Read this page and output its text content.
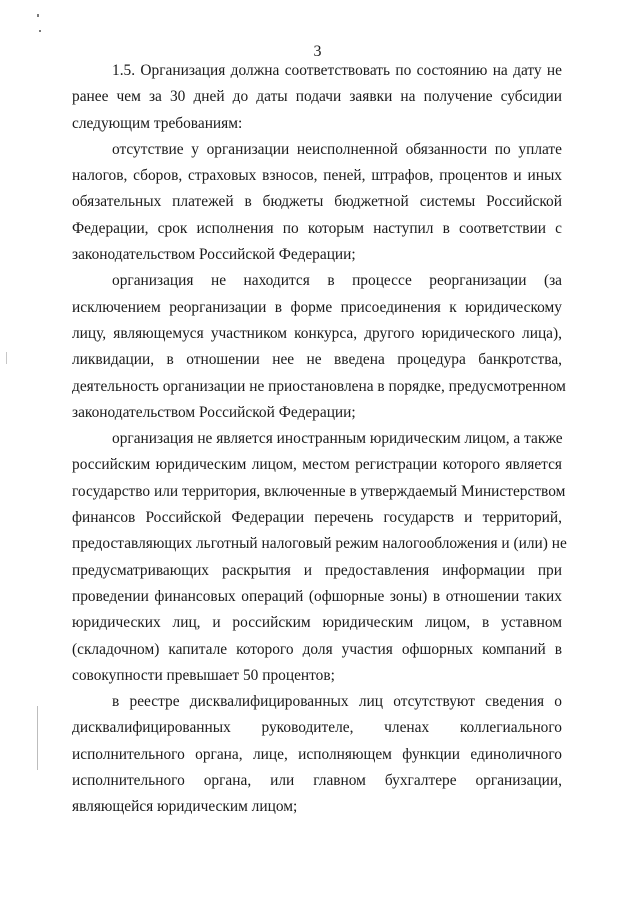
3
1.5. Организация должна соответствовать по состоянию на дату не
ранее чем за 30 дней до даты подачи заявки на получение субсидии
следующим требованиям:
отсутствие у организации неисполненной обязанности по уплате
налогов, сборов, страховых взносов, пеней, штрафов, процентов и иных
обязательных платежей в бюджеты бюджетной системы Российской
Федерации, срок исполнения по которым наступил в соответствии с
законодательством Российской Федерации;
организация не находится в процессе реорганизации (за
исключением реорганизации в форме присоединения к юридическому
лицу, являющемуся участником конкурса, другого юридического лица),
ликвидации, в отношении нее не введена процедура банкротства,
деятельность организации не приостановлена в порядке, предусмотренном
законодательством Российской Федерации;
организация не является иностранным юридическим лицом, а также
российским юридическим лицом, местом регистрации которого является
государство или территория, включенные в утверждаемый Министерством
финансов Российской Федерации перечень государств и территорий,
предоставляющих льготный налоговый режим налогообложения и (или) не
предусматривающих раскрытия и предоставления информации при
проведении финансовых операций (офшорные зоны) в отношении таких
юридических лиц, и российским юридическим лицом, в уставном
(складочном) капитале которого доля участия офшорных компаний в
совокупности превышает 50 процентов;
в реестре дисквалифицированных лиц отсутствуют сведения о
дисквалифицированных руководителе, членах коллегиального
исполнительного органа, лице, исполняющем функции единоличного
исполнительного органа, или главном бухгалтере организации,
являющейся юридическим лицом;
